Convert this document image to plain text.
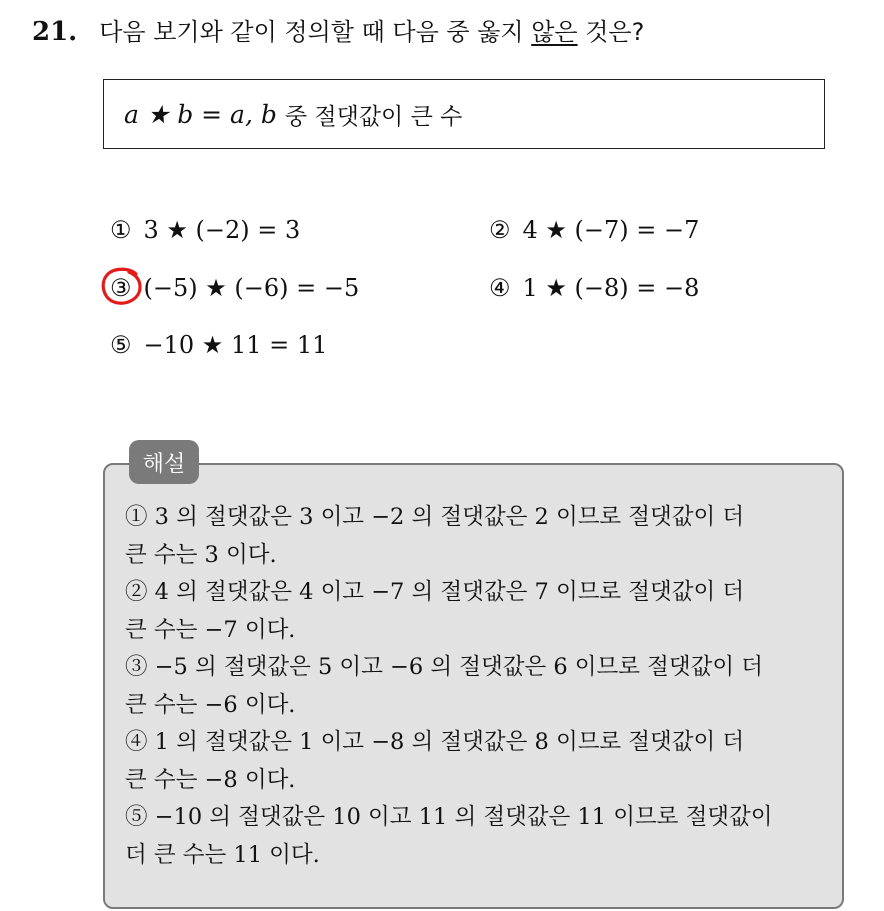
21. 다음 보기와 같이 정의할 때 다음 중 옳지 않은 것은?
a ★ b = a, b 중 절댓값이 큰 수
① 3 ★ (−2) = 3	② 4 ★ (−7) = −7
③ (−5) ★ (−6) = −5	④ 1 ★ (−8) = −8
⑤ −10 ★ 11 = 11
해설
① 3 의 절댓값은 3 이고 −2 의 절댓값은 2 이므로 절댓값이 더
큰 수는 3 이다.
② 4 의 절댓값은 4 이고 −7 의 절댓값은 7 이므로 절댓값이 더
큰 수는 −7 이다.
③ −5 의 절댓값은 5 이고 −6 의 절댓값은 6 이므로 절댓값이 더
큰 수는 −6 이다.
④ 1 의 절댓값은 1 이고 −8 의 절댓값은 8 이므로 절댓값이 더
큰 수는 −8 이다.
⑤ −10 의 절댓값은 10 이고 11 의 절댓값은 11 이므로 절댓값이
더 큰 수는 11 이다.
